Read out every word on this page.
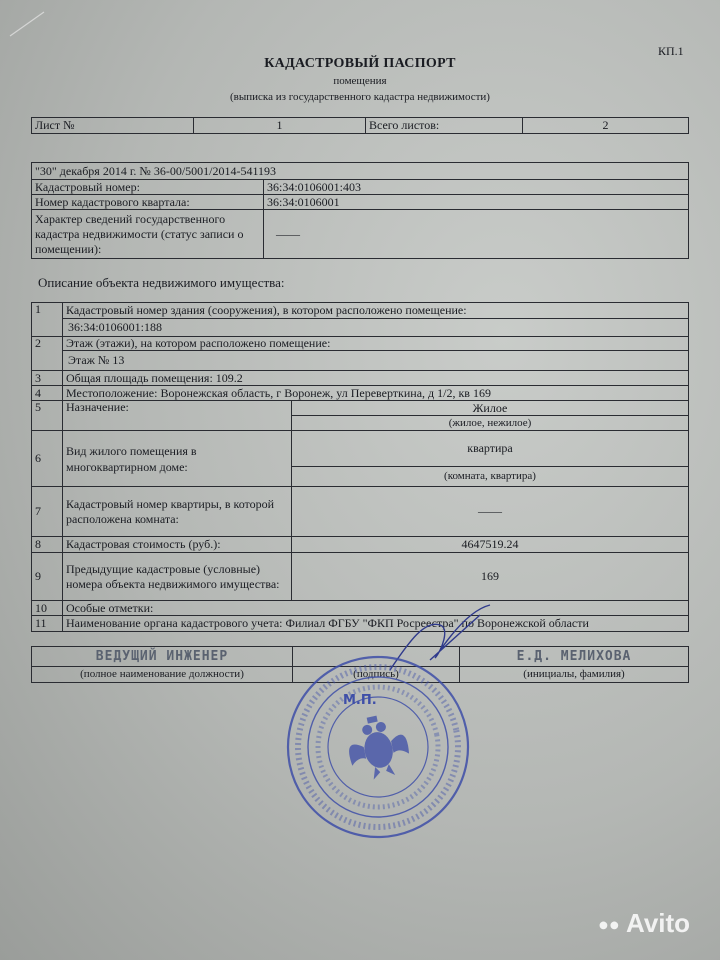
КП.1
КАДАСТРОВЫЙ ПАСПОРТ
помещения
(выписка из государственного кадастра недвижимости)
Лист №	1	Всего листов:	2
"30" декабря 2014 г. № 36-00/5001/2014-541193	
Кадастровый номер:	36:34:0106001:403
Номер кадастрового квартала:	36:34:0106001
Характер сведений государственного кадастра недвижимости (статус записи о помещении):	——
Описание объекта недвижимого имущества:
1	Кадастровый номер здания (сооружения), в котором расположено помещение:	
	36:34:0106001:188	
2	Этаж (этажи), на котором расположено помещение:	
	Этаж № 13	
3	Общая площадь помещения: 109.2	
4	Местоположение: Воронежская область, г Воронеж, ул Переверткина, д 1/2, кв 169	
5	Назначение:	Жилое
		(жилое, нежилое)
6	Вид жилого помещения в многоквартирном доме:	квартира
		(комната, квартира)
7	Кадастровый номер квартиры, в которой расположена комната:	——
8	Кадастровая стоимость (руб.):	4647519.24
9	Предыдущие кадастровые (условные) номера объекта недвижимого имущества:	169
10	Особые отметки:	
11	Наименование органа кадастрового учета: Филиал ФГБУ "ФКП Росреестра" по Воронежской области	
ВЕДУЩИЙ ИНЖЕНЕР		Е.Д. МЕЛИХОВА
(полное наименование должности)	(подпись)	(инициалы, фамилия)
М.П.
●● Avito
